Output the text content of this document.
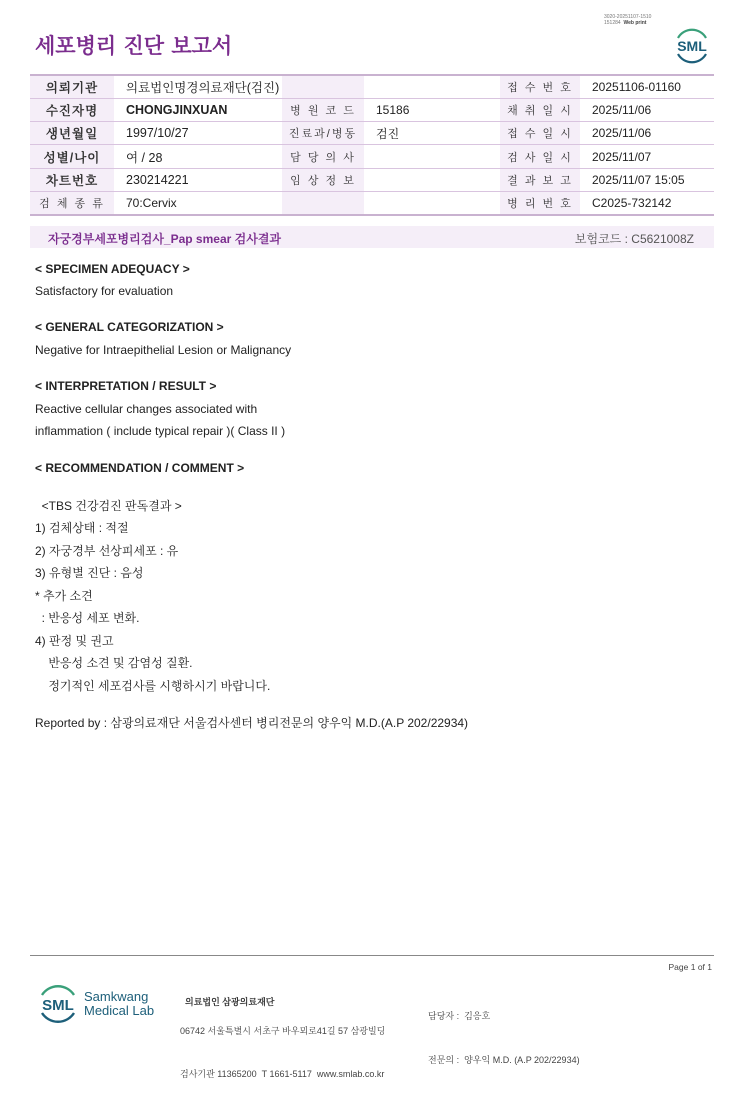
3020-20251107-1510
151284 Web print
세포병리 진단 보고서	SML
의뢰기관	의료법인명경의료재단(검진)			접 수 번 호	20251106-01160
수진자명	CHONGJINXUAN	병 원 코 드	15186	채 취 일 시	2025/11/06
생년월일	1997/10/27	진료과/병동	검진	접 수 일 시	2025/11/06
성별/나이	여 / 28	담 당 의 사		검 사 일 시	2025/11/07
차트번호	230214221	임 상 정 보		결 과 보 고	2025/11/07 15:05
검 체 종 류	70:Cervix			병 리 번 호	C2025-732142
자궁경부세포병리검사_Pap smear 검사결과	보험코드 : C5621008Z
< SPECIMEN ADEQUACY >
Satisfactory for evaluation
< GENERAL CATEGORIZATION >
Negative for Intraepithelial Lesion or Malignancy
< INTERPRETATION / RESULT >
Reactive cellular changes associated with
inflammation ( include typical repair )( Class II )
< RECOMMENDATION / COMMENT >
<TBS 건강검진 판독결과 >
1) 검체상태 : 적절
2) 자궁경부 선상피세포 : 유
3) 유형별 진단 : 음성
* 추가 소견
: 반응성 세포 변화.
4) 판정 및 권고
반응성 소견 및 감염성 질환.
정기적인 세포검사를 시행하시기 바랍니다.
Reported by : 삼광의료재단 서울검사센터 병리전문의 양우익 M.D.(A.P 202/22934)
Page 1 of 1
SML
Samkwang
Medical Lab

의료법인 삼광의료재단

06742 서울특별시 서초구 바우뫼로41길 57 삼광빌딩

검사기관 11365200  T 1661-5117  www.smlab.co.kr

담당자 : 김응호

전문의 : 양우익 M.D. (A.P 202/22934)
